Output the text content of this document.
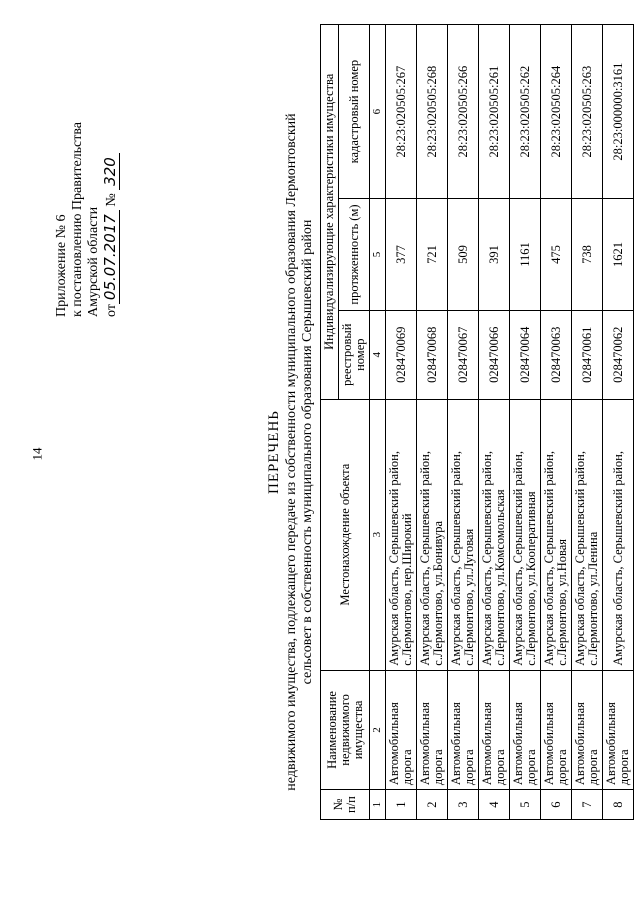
14
Приложение № 6 к постановлению Правительства Амурской области от05.07.2017 № 320
ПЕРЕЧЕНЬ недвижимого имущества, подлежащего передаче из собственности муниципального образования Лермонтовский сельсовет в собственность муниципального образования Серышевский район
№ п/п	Наименование недвижимого имущества	Местонахождение объекта	Индивидуализирующие характеристики имущества		
			реестровый номер	протяженность (м)	кадастровый номер
1	2	3	4	5	6
1	Автомобильная дорога	Амурская область, Серышевский район, с.Лермонтово, пер.Широкий	028470069	377	28:23:020505:267
2	Автомобильная дорога	Амурская область, Серышевский район, с.Лермонтово, ул.Бонивура	028470068	721	28:23:020505:268
3	Автомобильная дорога	Амурская область, Серышевский район, с.Лермонтово, ул.Луговая	028470067	509	28:23:020505:266
4	Автомобильная дорога	Амурская область, Серышевский район, с.Лермонтово, ул.Комсомольская	028470066	391	28:23:020505:261
5	Автомобильная дорога	Амурская область, Серышевский район, с.Лермонтово, ул.Кооперативная	028470064	1161	28:23:020505:262
6	Автомобильная дорога	Амурская область, Серышевский район, с.Лермонтово, ул.Новая	028470063	475	28:23:020505:264
7	Автомобильная дорога	Амурская область, Серышевский район, с.Лермонтово, ул.Ленина	028470061	738	28:23:020505:263
8	Автомобильная дорога	Амурская область, Серышевский район,	028470062	1621	28:23:000000:3161
